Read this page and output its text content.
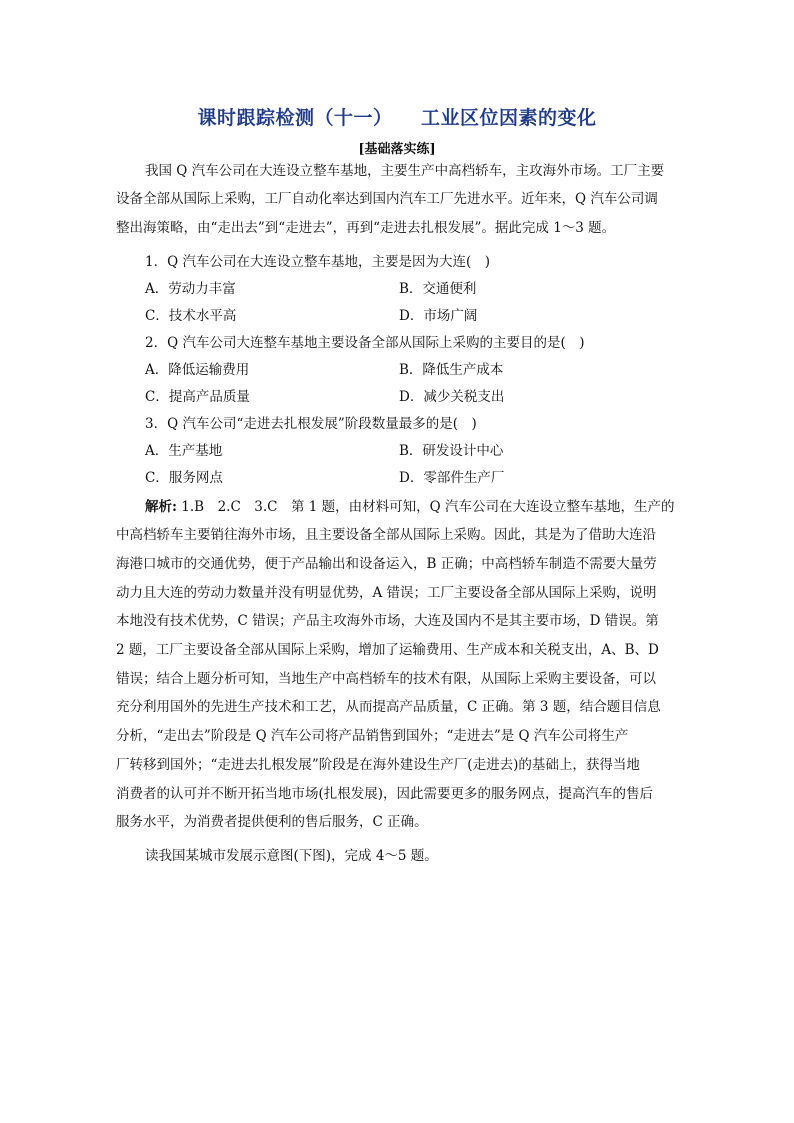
课时跟踪检测（十一）    工业区位因素的变化
[基础落实练]
我国 Q 汽车公司在大连设立整车基地，主要生产中高档轿车，主攻海外市场。工厂主要
设备全部从国际上采购，工厂自动化率达到国内汽车工厂先进水平。近年来，Q 汽车公司调
整出海策略，由“走出去”到“走进去”，再到“走进去扎根发展”。据此完成 1～3 题。
1．Q 汽车公司在大连设立整车基地，主要是因为大连(　)
A．劳动力丰富	B．交通便利
C．技术水平高	D．市场广阔
2．Q 汽车公司大连整车基地主要设备全部从国际上采购的主要目的是(　)
A．降低运输费用	B．降低生产成本
C．提高产品质量	D．减少关税支出
3．Q 汽车公司“走进去扎根发展”阶段数量最多的是(　)
A．生产基地	B．研发设计中心
C．服务网点	D．零部件生产厂
解析: 1.B　2.C　3.C　第 1 题，由材料可知，Q 汽车公司在大连设立整车基地，生产的
中高档轿车主要销往海外市场，且主要设备全部从国际上采购。因此，其是为了借助大连沿
海港口城市的交通优势，便于产品输出和设备运入，B 正确；中高档轿车制造不需要大量劳
动力且大连的劳动力数量并没有明显优势，A 错误；工厂主要设备全部从国际上采购，说明
本地没有技术优势，C 错误；产品主攻海外市场，大连及国内不是其主要市场，D 错误。第
2 题，工厂主要设备全部从国际上采购，增加了运输费用、生产成本和关税支出，A、B、D
错误；结合上题分析可知，当地生产中高档轿车的技术有限，从国际上采购主要设备，可以
充分利用国外的先进生产技术和工艺，从而提高产品质量，C 正确。第 3 题，结合题目信息
分析，“走出去”阶段是 Q 汽车公司将产品销售到国外；“走进去”是 Q 汽车公司将生产
厂转移到国外；“走进去扎根发展”阶段是在海外建设生产厂(走进去)的基础上，获得当地
消费者的认可并不断开拓当地市场(扎根发展)，因此需要更多的服务网点，提高汽车的售后
服务水平，为消费者提供便利的售后服务，C 正确。
读我国某城市发展示意图(下图)，完成 4～5 题。
